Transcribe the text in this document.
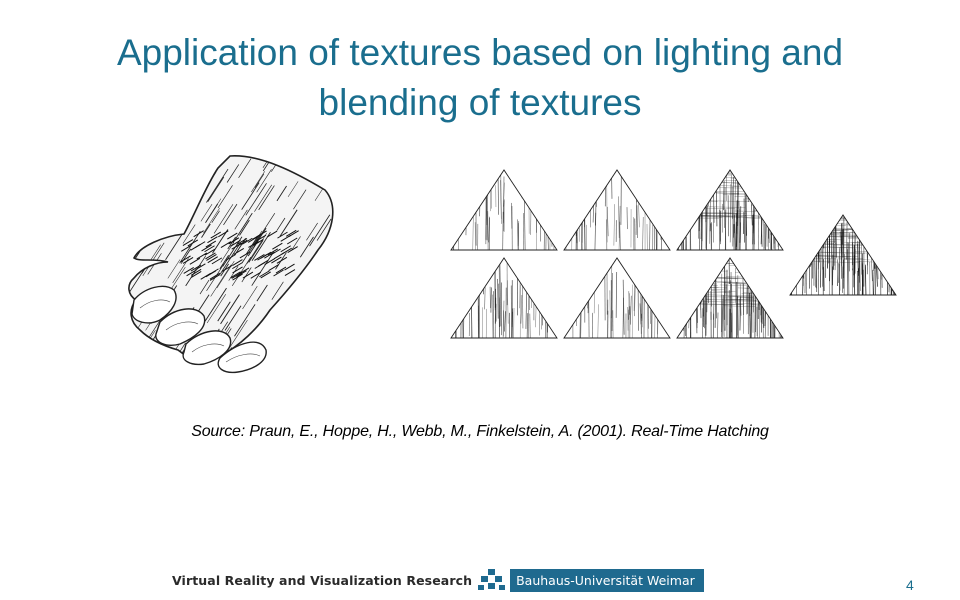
Application of textures based on lighting and
blending of textures
Source: Praun, E., Hoppe, H., Webb, M., Finkelstein, A. (2001). Real-Time Hatching
Virtual Reality and Visualization Research	Bauhaus-Universität Weimar	4
